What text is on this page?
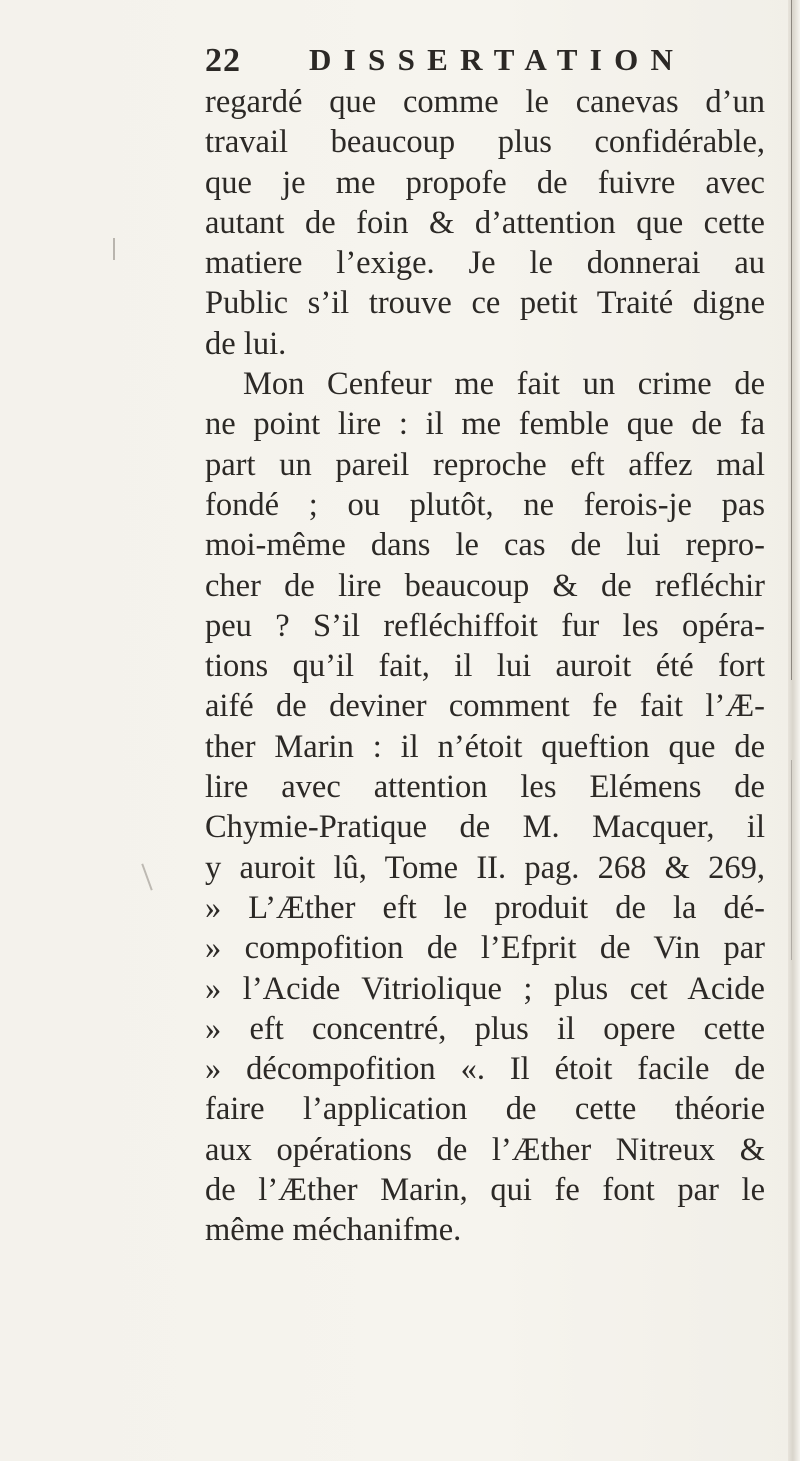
22 DISSERTATION
regardé que comme le canevas d’un
travail beaucoup plus confidérable,
que je me propofe de fuivre avec
autant de foin & d’attention que cette
matiere l’exige. Je le donnerai au
Public s’il trouve ce petit Traité digne
de lui.
Mon Cenfeur me fait un crime de
ne point lire : il me femble que de fa
part un pareil reproche eft affez mal
fondé ; ou plutôt, ne ferois-je pas
moi-même dans le cas de lui repro-
cher de lire beaucoup & de refléchir
peu ? S’il refléchiffoit fur les opéra-
tions qu’il fait, il lui auroit été fort
aifé de deviner comment fe fait l’Æ-
ther Marin : il n’étoit queftion que de
lire avec attention les Elémens de
Chymie-Pratique de M. Macquer, il
y auroit lû, Tome II. pag. 268 & 269,
» L’Æther eft le produit de la dé-
» compofition de l’Efprit de Vin par
» l’Acide Vitriolique ; plus cet Acide
» eft concentré, plus il opere cette
» décompofition «. Il étoit facile de
faire l’application de cette théorie
aux opérations de l’Æther Nitreux &
de l’Æther Marin, qui fe font par le
même méchanifme.
